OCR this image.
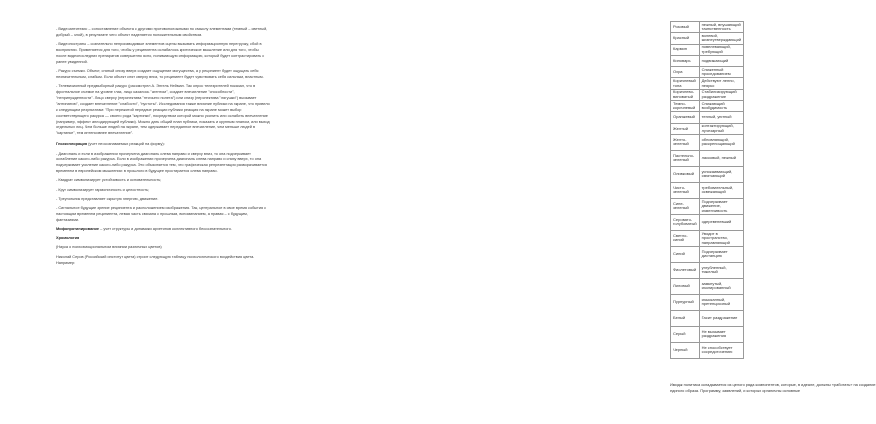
- Видеоантитезис – сопоставление объекта с другими противоположными по смыслу элементами (темный – светлый, добрый – злой), в результате чего объект наделяется положительным свойством.

- Видеопостраты – сознательно непроизводимые элементов сцены вызывать информационную перегрузку, сбой в восприятии. Применяется для того, чтобы у реципиента ослабилось критическое мышление или для того, чтобы после видеопоследних препаратов совершенно ясно, понимающую информацию, который будет контрастировать с ранее увиденной.

- Ракурс съемки. Объект, снятый снизу вверх создает ощущение могущества, а у реципиент будет ощущать себя незначительным, слабым. Если объект снят сверху вниз, то реципиент будет чувствовать себя сильным, властным.

- Телевизионный предвыборный ракурс (рассмотрел А. Энгель Нейман. Так опрос телезрителей показал, что в фронтальное съемке на уровне глаз, лицо казалось "агентом", создает впечатление "способности", "непринужденности". Лицо сверху (перспектива "птичьего полета") или снизу (перспектива "лягушки") вызывает "антипатию", создает впечатление "слабости", "пустоты". Исследования также влияние публики на экране, что привело к следующим результатам: "При пережитой передаче реакции публики реакция на экране может выбор соответствующего ракурса — своего рода "картинки", посредством которой можно усилить или ослабить впечатление (например, эффект аплодирующей публики). Можно дать общий план публики, показать и крупным планом, или выход отдельных лиц. Чем больше людей на экране, тем одерживает переданное впечатление, чем меньше людей в "картинке", тем интенсивнее впечатление".

Геоэксплорация (учет неосознаваемых реакций на форму):

- Диагональ и если в изображении прочерчена диагональ слева направо и сверху вниз, то она подчеркивает ослабление какого-либо ракурса. Если в изображении прочерчена диагональ слева направо и снизу вверх, то она подчеркивает усиление какого-либо ракурса. Это объясняется тем, что графическая репрезентация разворачивается временем в европейском мышлении: в прошлого в будущее простирается слева направо.

- Квадрат символизирует устойчивость и основательность;

- Круг символизирует гармоничность и целостность;

- Треугольник представляет скрытую энергию, движение.

- Сигнальное будущие зрение реципиента и расположением изображения. Так, центральное в свое время события с настоящим временем реципиента, левая часть связана с прошлым, вспоминанием, а правая – с будущим, фантазиями.

Мифопротипирование – учет структуры и динамики архетипов коллективного бессознательного.

Хромология

(Наука о психоэмоциональном влиянии различных цветов)

Николай Серов (Российский институт цвета) строит следующую таблицу психологического воздействия цвета. Например:

Розовый	нежный, внушающий таинственность
Красный	волевой, жизнеутверждающий
Кармин	повелевающий, требующий
Киноварь	подвижающий
Охра	Сниженный проседованием
Коричневый тона	Действуют ленно, неярко
Коричнево-виноватый	Стабилизирующий раздражение
Темно-коричневый	Снижающий возбудимость
Оранжевый	теплый, уютный
Желтый	контактирующий, лучезарный
Желто-зеленый	обновляющий, раскрепощающий
Пастельно-зеленый	ласковый, нежный
Оливковый	успокаивающий, смягчающий
Чисто-зеленый	требовательный, освежающий
Сине-зеленый	Подчеркивает движение, изменчивость
Серовато-голубоватый	одеревеневший
Светло-синий	Уводит в пространство, направляющий
Синий	Подчеркивает дистанцию
Фиолетовый	углубленный, тяжелый
Лиловый	замкнутый, изолированный
Пурпурный	изысканный, претенциозный
Белый	Гасит раздражение
Серый	Не вызывает раздражения
Черный	Не способствует сосредоточению
Имидж политика складывается из целого ряда компонентов, которые, в идеале, должны «работать» на создание единого образа. Программу, заявлений, и которых органичны основные
